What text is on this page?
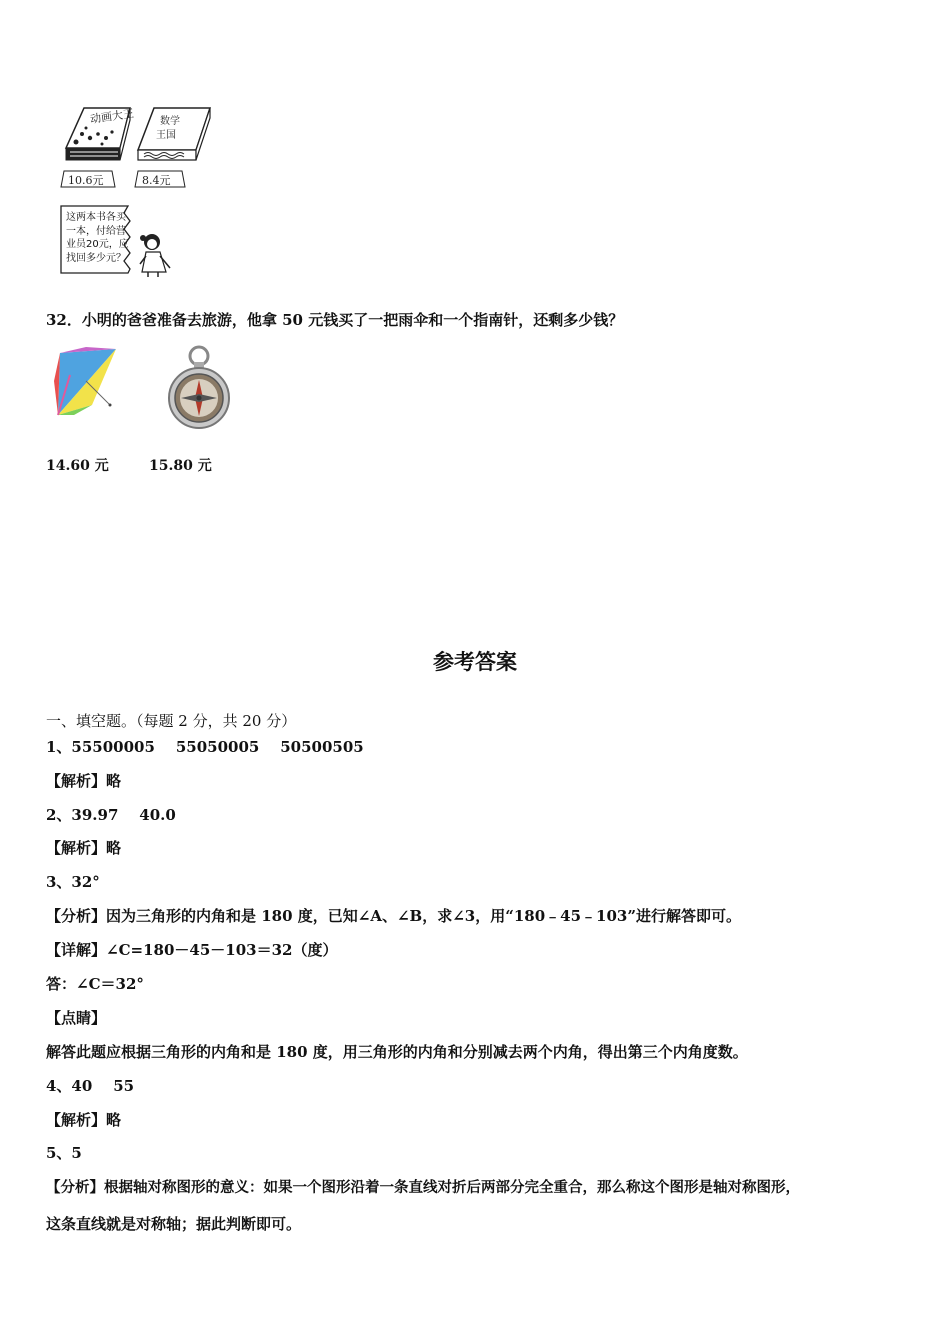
动画大王	数学
王国
10.6元	8.4元
这两本书各买
一本，付给营
业员20元，应
找回多少元？
32．小明的爸爸准备去旅游，他拿 50 元钱买了一把雨伞和一个指南针，还剩多少钱？
14.60 元	15.80 元
参考答案
一、填空题。（每题 2 分，共 20 分）
1、55500005    55050005    50500505
【解析】略
2、39.97    40.0
【解析】略
3、32°
【分析】因为三角形的内角和是 180 度，已知∠A、∠B，求∠3，用“180﹣45﹣103”进行解答即可。
【详解】∠C=180－45－103＝32（度）
答：∠C＝32°
【点睛】
解答此题应根据三角形的内角和是 180 度，用三角形的内角和分别减去两个内角，得出第三个内角度数。
4、40    55
【解析】略
5、5
【分析】根据轴对称图形的意义：如果一个图形沿着一条直线对折后两部分完全重合，那么称这个图形是轴对称图形，
这条直线就是对称轴；据此判断即可。
